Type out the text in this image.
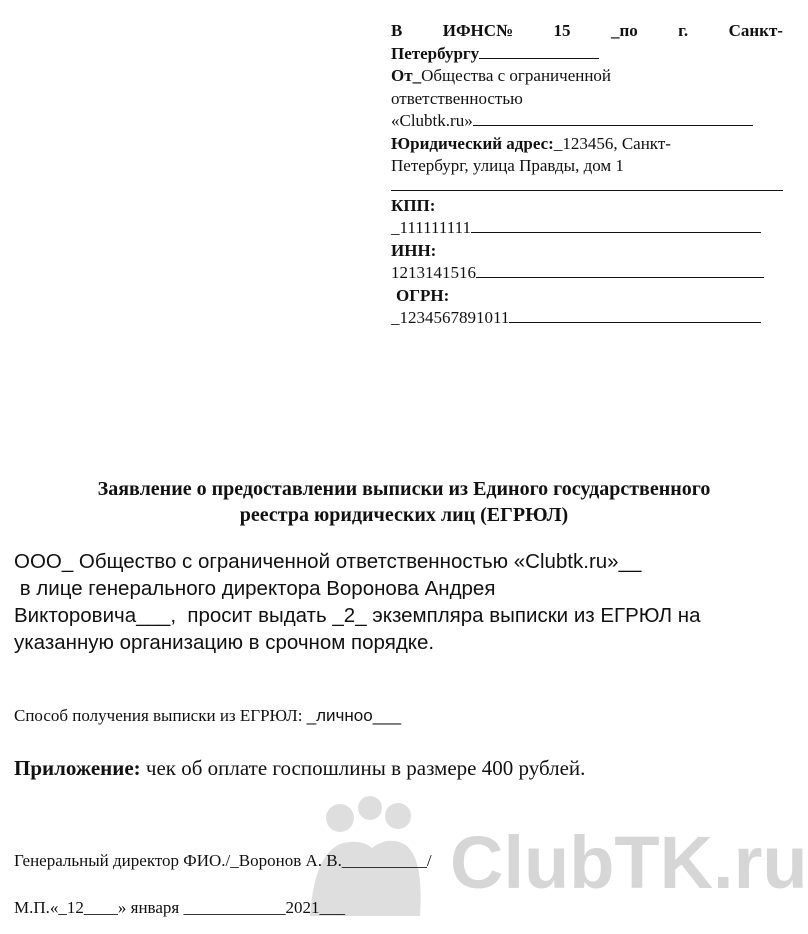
ClubTK.ru
В ИФНС№ 15 _по г. Санкт-
Петербургу
От_Общества с ограниченной
ответственностью
«Clubtk.ru»
Юридический адрес:_123456, Санкт-
Петербург, улица Правды, дом 1
КПП:
_111111111
ИНН:
1213141516
ОГРН:
_1234567891011
Заявление о предоставлении выписки из Единого государственного
реестра юридических лиц (ЕГРЮЛ)
ООО_ Общество с ограниченной ответственностью «Clubtk.ru»__
в лице генерального директора Воронова Андрея
Викторовича___,  просит выдать _2_ экземпляра выписки из ЕГРЮЛ на
указанную организацию в срочном порядке.
Способ получения выписки из ЕГРЮЛ: _личноо___
Приложение: чек об оплате госпошлины в размере 400 рублей.
Генеральный директор ФИО./_Воронов А. В.__________/
М.П.«_12____» января ____________2021___
